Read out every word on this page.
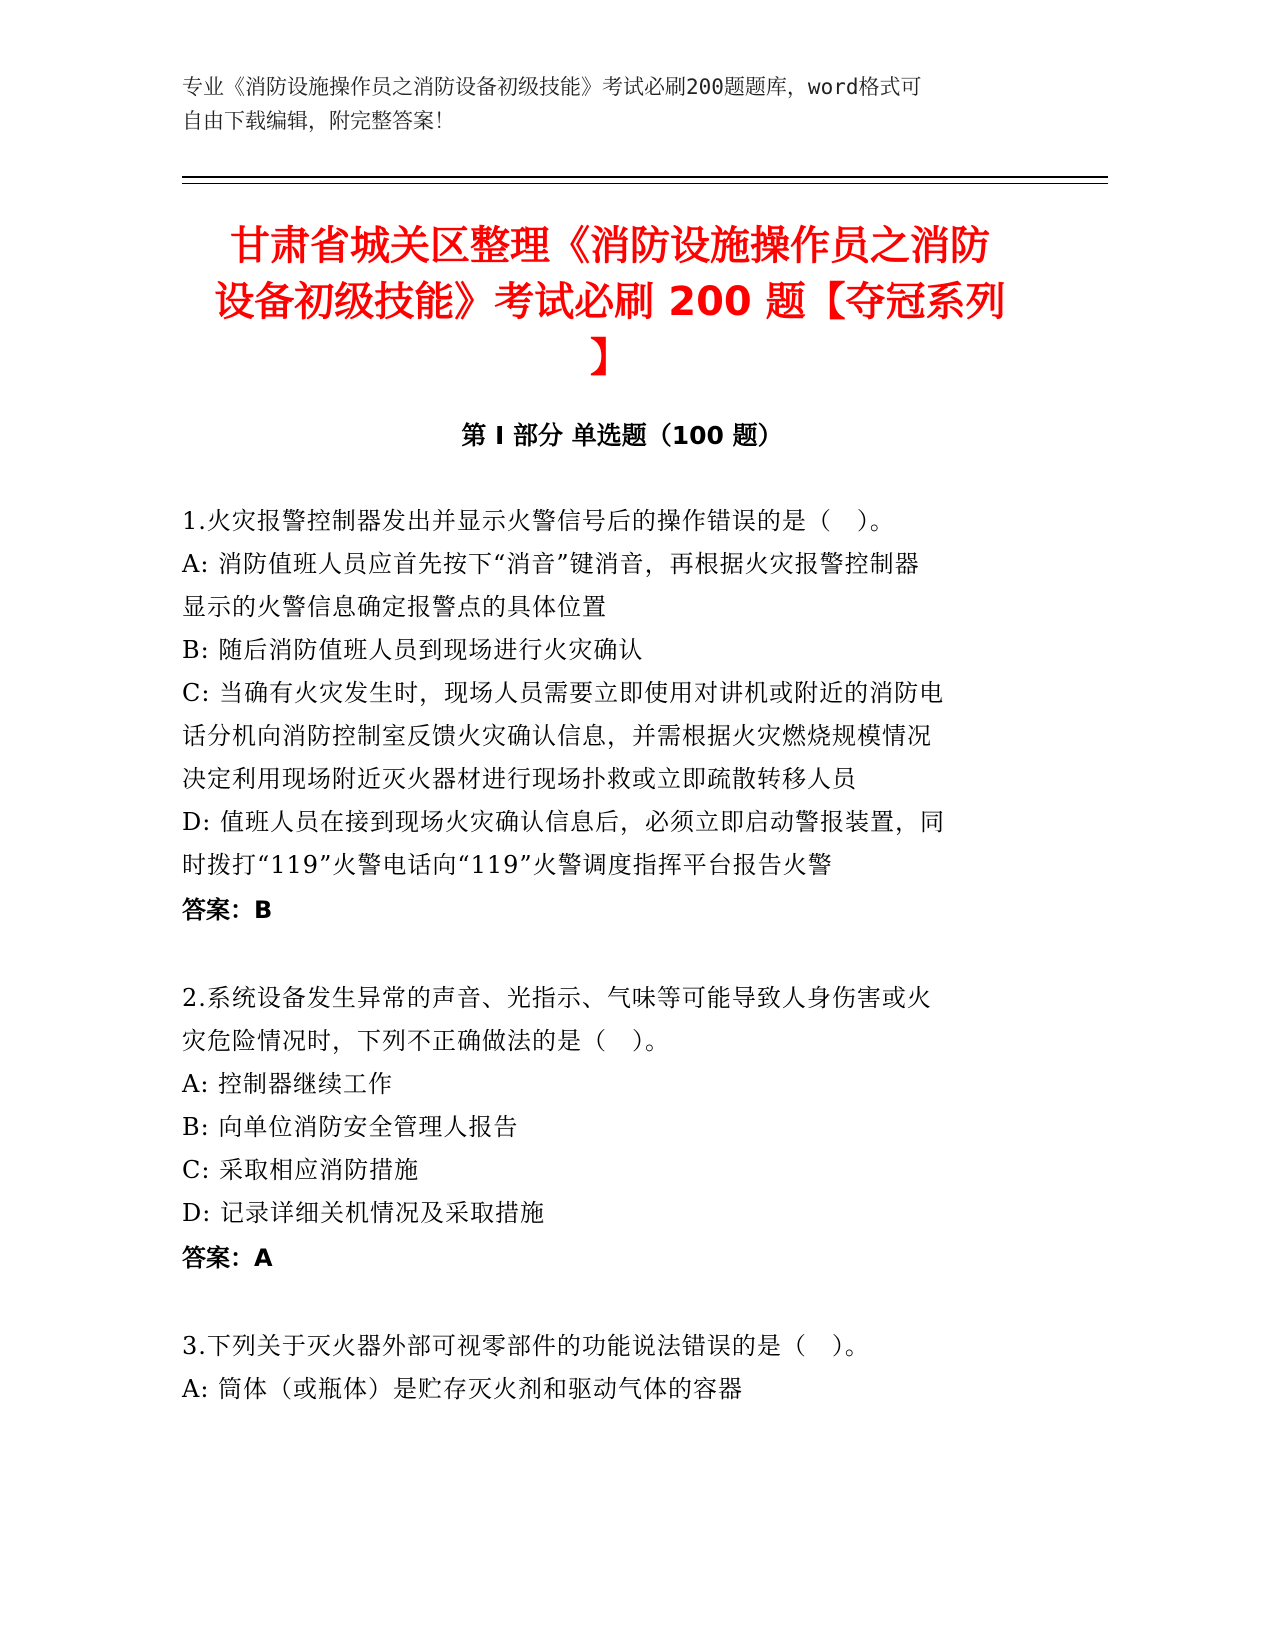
专业《消防设施操作员之消防设备初级技能》考试必刷200题题库，word格式可
自由下载编辑，附完整答案！
甘肃省城关区整理《消防设施操作员之消防
设备初级技能》考试必刷 200 题【夺冠系列
】
第 I 部分 单选题（100 题）
1.火灾报警控制器发出并显示火警信号后的操作错误的是（　）。
A: 消防值班人员应首先按下“消音”键消音，再根据火灾报警控制器
显示的火警信息确定报警点的具体位置
B: 随后消防值班人员到现场进行火灾确认
C: 当确有火灾发生时，现场人员需要立即使用对讲机或附近的消防电
话分机向消防控制室反馈火灾确认信息，并需根据火灾燃烧规模情况
决定利用现场附近灭火器材进行现场扑救或立即疏散转移人员
D: 值班人员在接到现场火灾确认信息后，必须立即启动警报装置，同
时拨打“119”火警电话向“119”火警调度指挥平台报告火警
答案：B
2.系统设备发生异常的声音、光指示、气味等可能导致人身伤害或火
灾危险情况时，下列不正确做法的是（　）。
A: 控制器继续工作
B: 向单位消防安全管理人报告
C: 采取相应消防措施
D: 记录详细关机情况及采取措施
答案：A
3.下列关于灭火器外部可视零部件的功能说法错误的是（　）。
A: 筒体（或瓶体）是贮存灭火剂和驱动气体的容器
